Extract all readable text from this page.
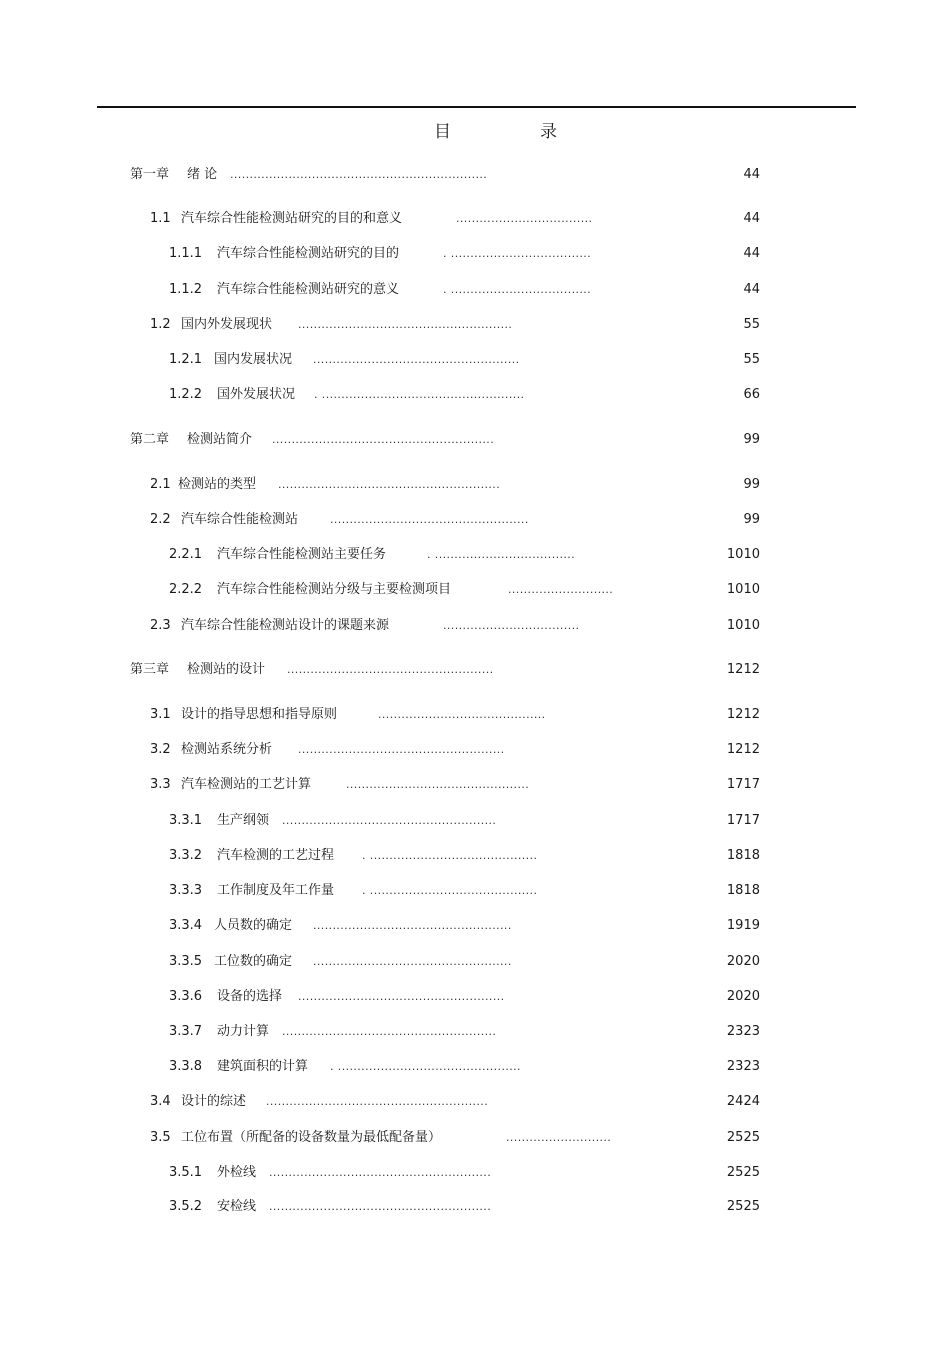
目	录
第一章 绪 论 ..................................................................	44
1.1 汽车综合性能检测站研究的目的和意义	...................................	44
1.1.1 汽车综合性能检测站研究的目的	. ....................................	44
1.1.2 汽车综合性能检测站研究的意义	. ....................................	44
1.2 国内外发展现状 .......................................................	55
1.2.1 国内发展状况 .....................................................	55
1.2.2 国外发展状况 . ....................................................	66
第二章 检测站简介 .........................................................	99
2.1 检测站的类型 .........................................................	99
2.2 汽车综合性能检测站	...................................................	99
2.2.1 汽车综合性能检测站主要任务	. ....................................	1010
2.2.2 汽车综合性能检测站分级与主要检测项目	...........................	1010
2.3 汽车综合性能检测站设计的课题来源	...................................	1010
第三章 检测站的设计 .....................................................	1212
3.1 设计的指导思想和指导原则	...........................................	1212
3.2 检测站系统分析 .....................................................	1212
3.3 汽车检测站的工艺计算	...............................................	1717
3.3.1 生产纲领 .......................................................	1717
3.3.2 汽车检测的工艺过程	. ...........................................	1818
3.3.3 工作制度及年工作量	. ...........................................	1818
3.3.4 人员数的确定 ...................................................	1919
3.3.5 工位数的确定 ...................................................	2020
3.3.6 设备的选择 .....................................................	2020
3.3.7 动力计算 .......................................................	2323
3.3.8 建筑面积的计算 . ...............................................	2323
3.4 设计的综述 .........................................................	2424
3.5 工位布置（所配备的设备数量为最低配备量）	...........................	2525
3.5.1 外检线 .........................................................	2525
3.5.2 安检线 .........................................................	2525
